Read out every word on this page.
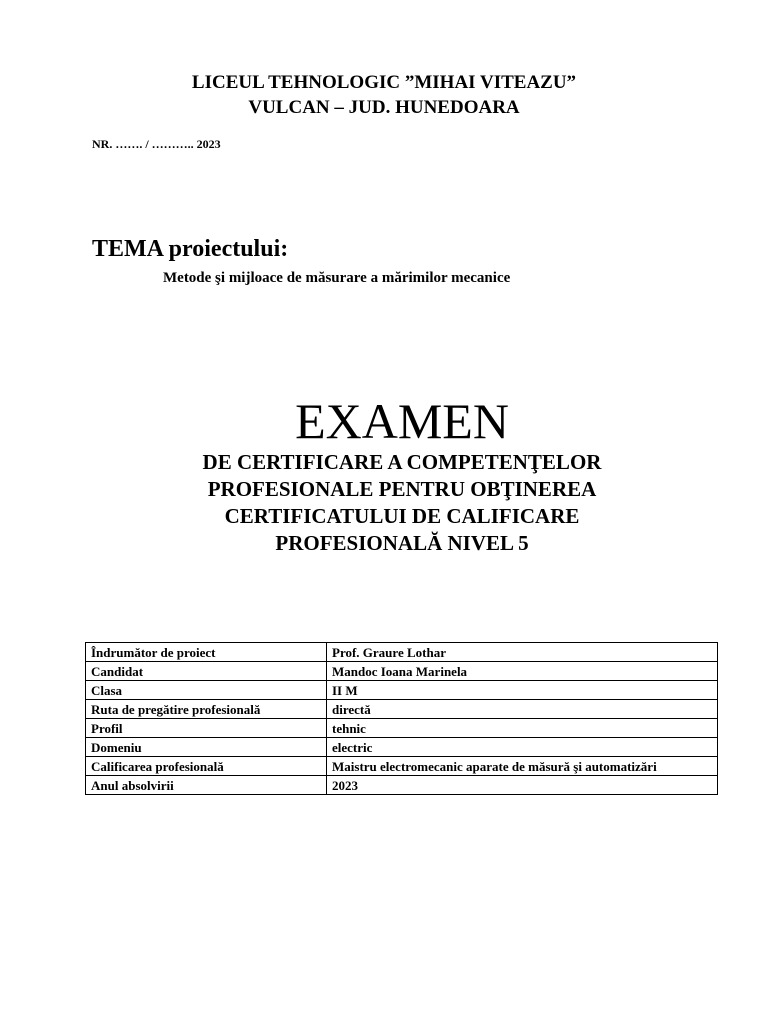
LICEUL TEHNOLOGIC ”MIHAI VITEAZU”
VULCAN – JUD. HUNEDOARA
NR. ……. / ……….. 2023
TEMA proiectului:
Metode şi mijloace de măsurare a mărimilor mecanice
EXAMEN
DE CERTIFICARE A COMPETENŢELOR
PROFESIONALE PENTRU OBŢINEREA
CERTIFICATULUI DE CALIFICARE
PROFESIONALĂ NIVEL 5
Îndrumător de proiect	Prof. Graure Lothar
Candidat	Mandoc Ioana Marinela
Clasa	II M
Ruta de pregătire profesională	directă
Profil	tehnic
Domeniu	electric
Calificarea profesională	Maistru electromecanic aparate de măsură şi automatizări
Anul absolvirii	2023
